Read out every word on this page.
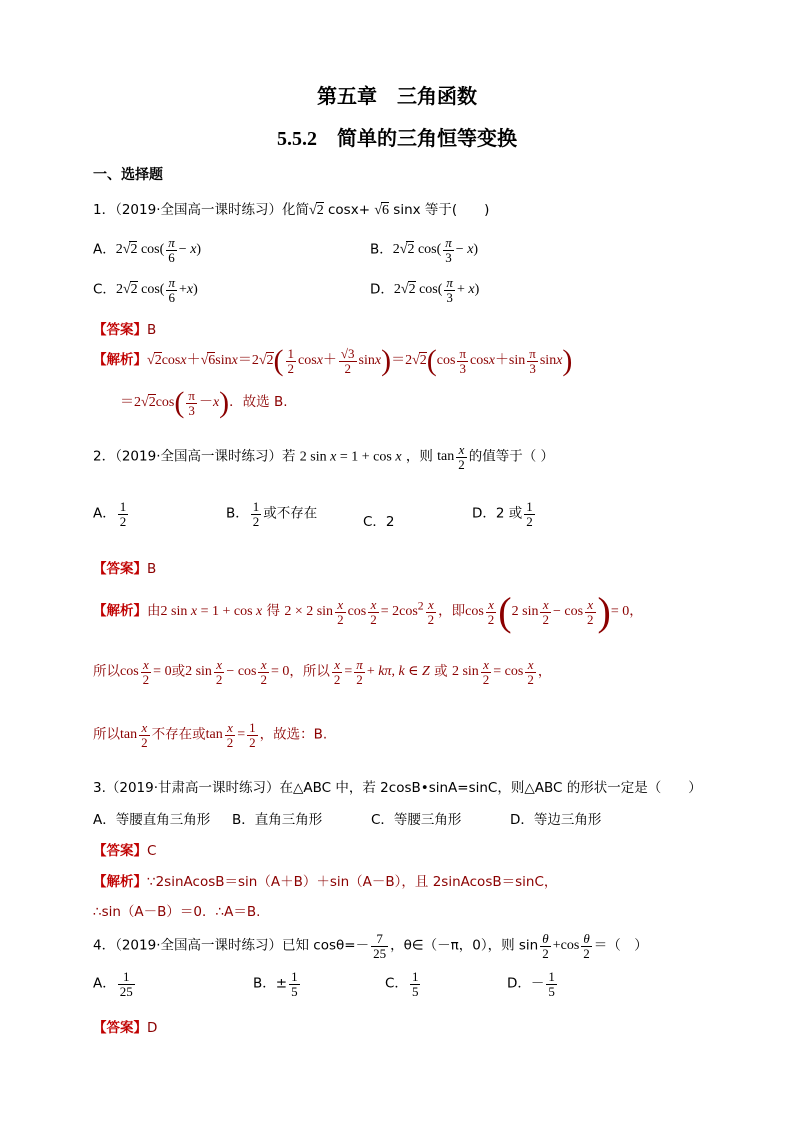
第五章　三角函数
5.5.2　简单的三角恒等变换
一、选择题
1．（2019·全国高一课时练习）化简√2 cosx+ √6 sinx 等于(　　)
A．2√2 $\cos( \frac{\pi}{6} - x)$	B．2√2 $\cos( \frac{\pi}{3} - x)$
C．2√2 $\cos( \frac{\pi}{6} +x)$	D．2√2 $\cos( \frac{\pi}{3} + x)$
【答案】B
【解析】$√2\cos x+√6\sin x=2√2( \frac{1}{2} \cos x+ \frac{√3}{2} \sin x)=2√2(\cos \frac{\pi}{3} \cos x+\sin \frac{\pi}{3} \sin x)$
$=2√2\cos( \frac{\pi}{3} -x)$．故选 B.
2．（2019·全国高一课时练习）若 2 sin x = 1 + cos x ，则 $\tan \frac{x}{2}$ 的值等于（ ）
A． $\frac{1}{2}$	B． $\frac{1}{2}$ 或不存在
C．2
D．2 或 $\frac{1}{2}$
【答案】B
【解析】由2 sin x = 1 + cos x 得 2 × 2 $\sin \frac{x}{2}$ $\cos \frac{x}{2} = 2\cos^2 \frac{x}{2}$ ，即$\cos \frac{x}{2} (2$ $\sin \frac{x}{2} - \cos \frac{x}{2}$ )= 0，
所以$\cos \frac{x}{2} = 0$或2 $\sin \frac{x}{2} - \cos \frac{x}{2} = 0$，所以 $\frac{x}{2} = \frac{\pi}{2} + k\pi$, k ∈ Z 或 2 $\sin \frac{x}{2} = \cos \frac{x}{2}$ ，
所以$\tan \frac{x}{2}$ 不存在或$\tan \frac{x}{2} = \frac{1}{2}$ ，故选：B.
3.（2019·甘肃高一课时练习）在△ABC 中，若 2cosB•sinA=sinC，则△ABC 的形状一定是（　　）
A．等腰直角三角形 B．直角三角形	C．等腰三角形	D．等边三角形
【答案】C
【解析】∵2sinAcosB＝sin（A＋B）＋sin（A－B），且 2sinAcosB＝sinC，
∴sin（A－B）＝0．∴A＝B.
4．（2019·全国高一课时练习）已知 $\cos\theta=- \frac{7}{25}$ ，θ∈（－π，0），则 $\sin \frac{\theta}{2} +\cos \frac{\theta}{2}$ ＝（　）
A． $\frac{1}{25}$	B．± $\frac{1}{5}$	C． $\frac{1}{5}$	D．－ $\frac{1}{5}$
【答案】D
